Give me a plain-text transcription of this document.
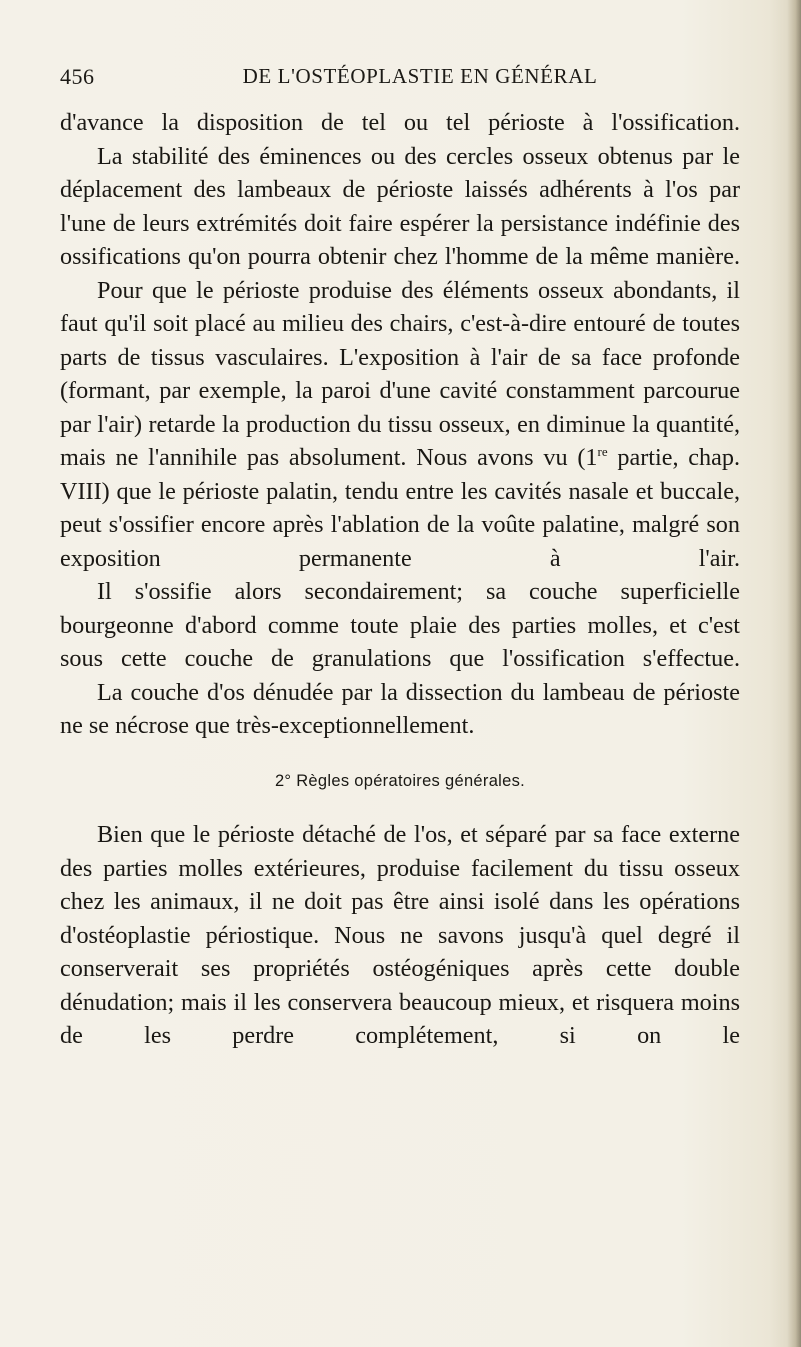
456	DE L'OSTÉOPLASTIE EN GÉNÉRAL

d'avance la disposition de tel ou tel périoste à l'ossification.

La stabilité des éminences ou des cercles osseux obtenus par le déplacement des lambeaux de périoste laissés adhérents à l'os par l'une de leurs extrémités doit faire espérer la persistance indéfinie des ossifications qu'on pourra obtenir chez l'homme de la même manière.

Pour que le périoste produise des éléments osseux abondants, il faut qu'il soit placé au milieu des chairs, c'est-à-dire entouré de toutes parts de tissus vasculaires. L'exposition à l'air de sa face profonde (formant, par exemple, la paroi d'une cavité constamment parcourue par l'air) retarde la production du tissu osseux, en diminue la quantité, mais ne l'annihile pas absolument. Nous avons vu (1re partie, chap. VIII) que le périoste palatin, tendu entre les cavités nasale et buccale, peut s'ossifier encore après l'ablation de la voûte palatine, malgré son exposition permanente à l'air.

Il s'ossifie alors secondairement; sa couche superficielle bourgeonne d'abord comme toute plaie des parties molles, et c'est sous cette couche de granulations que l'ossification s'effectue.

La couche d'os dénudée par la dissection du lambeau de périoste ne se nécrose que très-exceptionnellement.

2° Règles opératoires générales.

Bien que le périoste détaché de l'os, et séparé par sa face externe des parties molles extérieures, produise facilement du tissu osseux chez les animaux, il ne doit pas être ainsi isolé dans les opérations d'ostéoplastie périostique. Nous ne savons jusqu'à quel degré il conserverait ses propriétés ostéogéniques après cette double dénudation; mais il les conservera beaucoup mieux, et risquera moins de les perdre complétement, si on le
